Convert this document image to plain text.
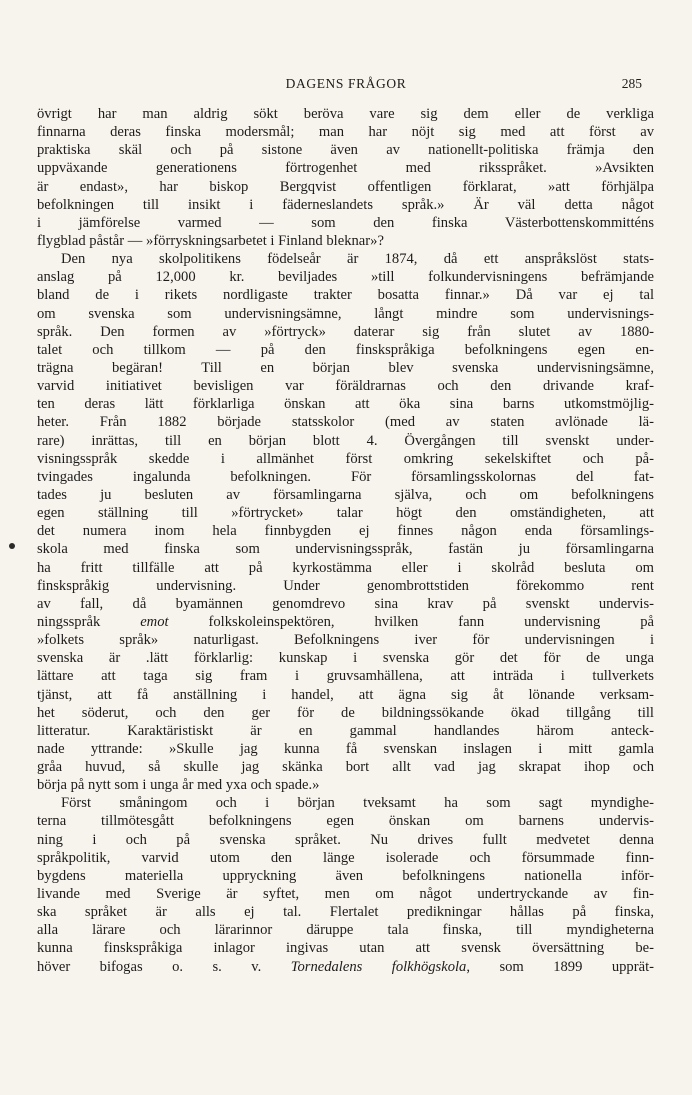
DAGENS FRÅGOR	285
övrigt har man aldrig sökt beröva vare sig dem eller de verkliga
finnarna deras finska modersmål; man har nöjt sig med att först av
praktiska skäl och på sistone även av nationellt-politiska främja den
uppväxande generationens förtrogenhet med riksspråket. »Avsikten
är endast», har biskop Bergqvist offentligen förklarat, »att förhjälpa
befolkningen till insikt i fäderneslandets språk.» Är väl detta något
i jämförelse varmed — som den finska Västerbottenskommitténs
flygblad påstår — »förryskningsarbetet i Finland bleknar»?
Den nya skolpolitikens födelseår är 1874, då ett anspråkslöst stats-
anslag på 12,000 kr. beviljades »till folkundervisningens befrämjande
bland de i rikets nordligaste trakter bosatta finnar.» Då var ej tal
om svenska som undervisningsämne, långt mindre som undervisnings-
språk. Den formen av »förtryck» daterar sig från slutet av 1880-
talet och tillkom — på den finskspråkiga befolkningens egen en-
trägna begäran! Till en början blev svenska undervisningsämne,
varvid initiativet bevisligen var föräldrarnas och den drivande kraf-
ten deras lätt förklarliga önskan att öka sina barns utkomstmöjlig-
heter. Från 1882 började statsskolor (med av staten avlönade lä-
rare) inrättas, till en början blott 4. Övergången till svenskt under-
visningsspråk skedde i allmänhet först omkring sekelskiftet och på-
tvingades ingalunda befolkningen. För församlingsskolornas del fat-
tades ju besluten av församlingarna själva, och om befolkningens
egen ställning till »förtrycket» talar högt den omständigheten, att
det numera inom hela finnbygden ej finnes någon enda församlings-
skola med finska som undervisningsspråk, fastän ju församlingarna
ha fritt tillfälle att på kyrkostämma eller i skolråd besluta om
finskspråkig undervisning. Under genombrottstiden förekommo rent
av fall, då byamännen genomdrevo sina krav på svenskt undervis-
ningsspråk emot folkskoleinspektören, hvilken fann undervisning på
»folkets språk» naturligast. Befolkningens iver för undervisningen i
svenska är .lätt förklarlig: kunskap i svenska gör det för de unga
lättare att taga sig fram i gruvsamhällena, att inträda i tullverkets
tjänst, att få anställning i handel, att ägna sig åt lönande verksam-
het söderut, och den ger för de bildningssökande ökad tillgång till
litteratur. Karaktäristiskt är en gammal handlandes härom anteck-
nade yttrande: »Skulle jag kunna få svenskan inslagen i mitt gamla
gråa huvud, så skulle jag skänka bort allt vad jag skrapat ihop och
börja på nytt som i unga år med yxa och spade.»
Först småningom och i början tveksamt ha som sagt myndighe-
terna tillmötesgått befolkningens egen önskan om barnens undervis-
ning i och på svenska språket. Nu drives fullt medvetet denna
språkpolitik, varvid utom den länge isolerade och försummade finn-
bygdens materiella uppryckning även befolkningens nationella inför-
livande med Sverige är syftet, men om något undertryckande av fin-
ska språket är alls ej tal. Flertalet predikningar hållas på finska,
alla lärare och lärarinnor däruppe tala finska, till myndigheterna
kunna finskspråkiga inlagor ingivas utan att svensk översättning be-
höver bifogas o. s. v. Tornedalens folkhögskola, som 1899 upprät-
